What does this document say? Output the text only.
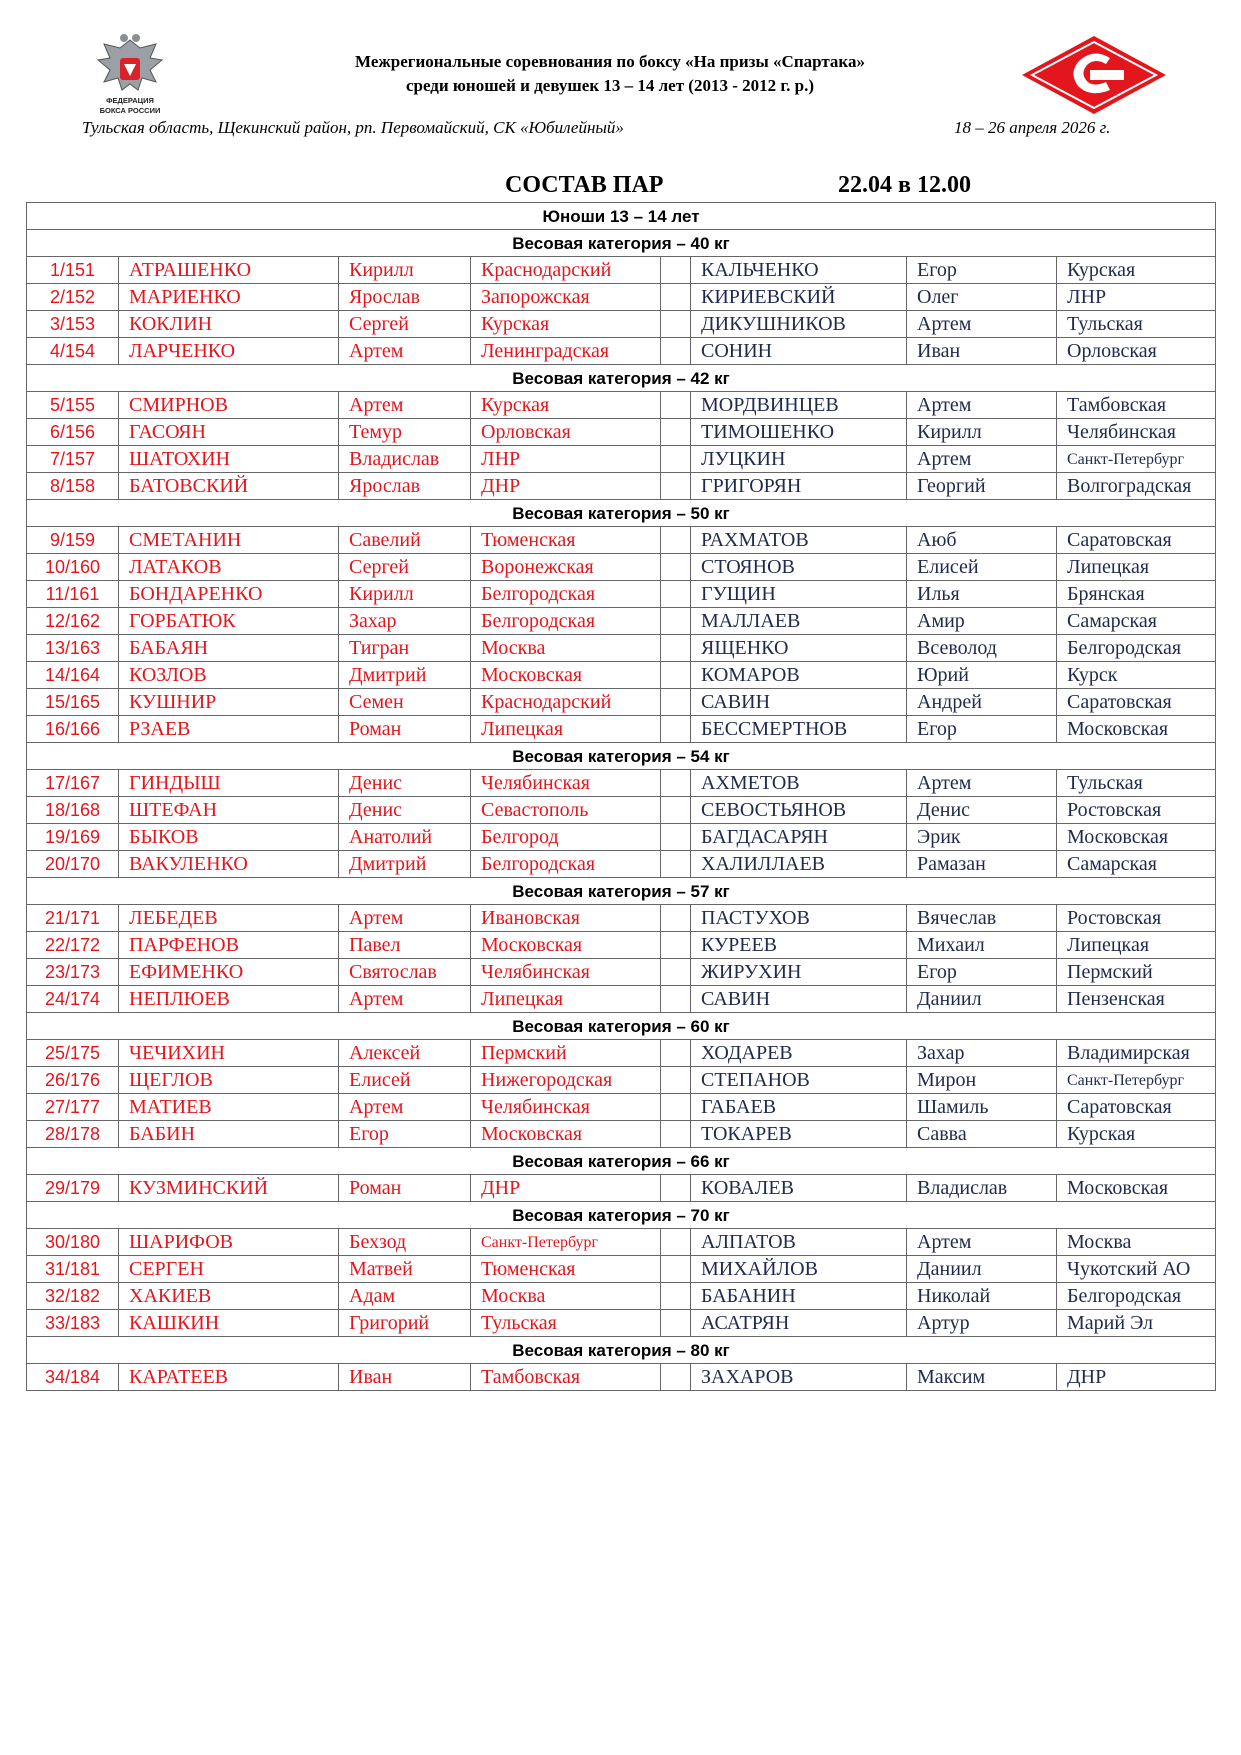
ФЕДЕРАЦИЯ
БОКСА РОССИИ
Межрегиональные соревнования по боксу «На призы «Спартака»
среди юношей и девушек 13 – 14 лет (2013 - 2012 г. р.)
Тульская область, Щекинский район, рп. Первомайский, СК «Юбилейный»	18 – 26 апреля 2026 г.
СОСТАВ ПАР	22.04 в 12.00
Юноши 13 – 14 лет							
Весовая категория – 40 кг							
1/151	АТРАШЕНКО	Кирилл	Краснодарский		КАЛЬЧЕНКО	Егор	Курская
2/152	МАРИЕНКО	Ярослав	Запорожская		КИРИЕВСКИЙ	Олег	ЛНР
3/153	КОКЛИН	Сергей	Курская		ДИКУШНИКОВ	Артем	Тульская
4/154	ЛАРЧЕНКО	Артем	Ленинградская		СОНИН	Иван	Орловская
Весовая категория – 42 кг							
5/155	СМИРНОВ	Артем	Курская		МОРДВИНЦЕВ	Артем	Тамбовская
6/156	ГАСОЯН	Темур	Орловская		ТИМОШЕНКО	Кирилл	Челябинская
7/157	ШАТОХИН	Владислав	ЛНР		ЛУЦКИН	Артем	Санкт-Петербург
8/158	БАТОВСКИЙ	Ярослав	ДНР		ГРИГОРЯН	Георгий	Волгоградская
Весовая категория – 50 кг							
9/159	СМЕТАНИН	Савелий	Тюменская		РАХМАТОВ	Аюб	Саратовская
10/160	ЛАТАКОВ	Сергей	Воронежская		СТОЯНОВ	Елисей	Липецкая
11/161	БОНДАРЕНКО	Кирилл	Белгородская		ГУЩИН	Илья	Брянская
12/162	ГОРБАТЮК	Захар	Белгородская		МАЛЛАЕВ	Амир	Самарская
13/163	БАБАЯН	Тигран	Москва		ЯЩЕНКО	Всеволод	Белгородская
14/164	КОЗЛОВ	Дмитрий	Московская		КОМАРОВ	Юрий	Курск
15/165	КУШНИР	Семен	Краснодарский		САВИН	Андрей	Саратовская
16/166	РЗАЕВ	Роман	Липецкая		БЕССМЕРТНОВ	Егор	Московская
Весовая категория – 54 кг							
17/167	ГИНДЫШ	Денис	Челябинская		АХМЕТОВ	Артем	Тульская
18/168	ШТЕФАН	Денис	Севастополь		СЕВОСТЬЯНОВ	Денис	Ростовская
19/169	БЫКОВ	Анатолий	Белгород		БАГДАСАРЯН	Эрик	Московская
20/170	ВАКУЛЕНКО	Дмитрий	Белгородская		ХАЛИЛЛАЕВ	Рамазан	Самарская
Весовая категория – 57 кг							
21/171	ЛЕБЕДЕВ	Артем	Ивановская		ПАСТУХОВ	Вячеслав	Ростовская
22/172	ПАРФЕНОВ	Павел	Московская		КУРЕЕВ	Михаил	Липецкая
23/173	ЕФИМЕНКО	Святослав	Челябинская		ЖИРУХИН	Егор	Пермский
24/174	НЕПЛЮЕВ	Артем	Липецкая		САВИН	Даниил	Пензенская
Весовая категория – 60 кг							
25/175	ЧЕЧИХИН	Алексей	Пермский		ХОДАРЕВ	Захар	Владимирская
26/176	ЩЕГЛОВ	Елисей	Нижегородская		СТЕПАНОВ	Мирон	Санкт-Петербург
27/177	МАТИЕВ	Артем	Челябинская		ГАБАЕВ	Шамиль	Саратовская
28/178	БАБИН	Егор	Московская		ТОКАРЕВ	Савва	Курская
Весовая категория – 66 кг							
29/179	КУЗМИНСКИЙ	Роман	ДНР		КОВАЛЕВ	Владислав	Московская
Весовая категория – 70 кг							
30/180	ШАРИФОВ	Бехзод	Санкт-Петербург		АЛПАТОВ	Артем	Москва
31/181	СЕРГЕН	Матвей	Тюменская		МИХАЙЛОВ	Даниил	Чукотский АО
32/182	ХАКИЕВ	Адам	Москва		БАБАНИН	Николай	Белгородская
33/183	КАШКИН	Григорий	Тульская		АСАТРЯН	Артур	Марий Эл
Весовая категория – 80 кг							
34/184	КАРАТЕЕВ	Иван	Тамбовская		ЗАХАРОВ	Максим	ДНР
